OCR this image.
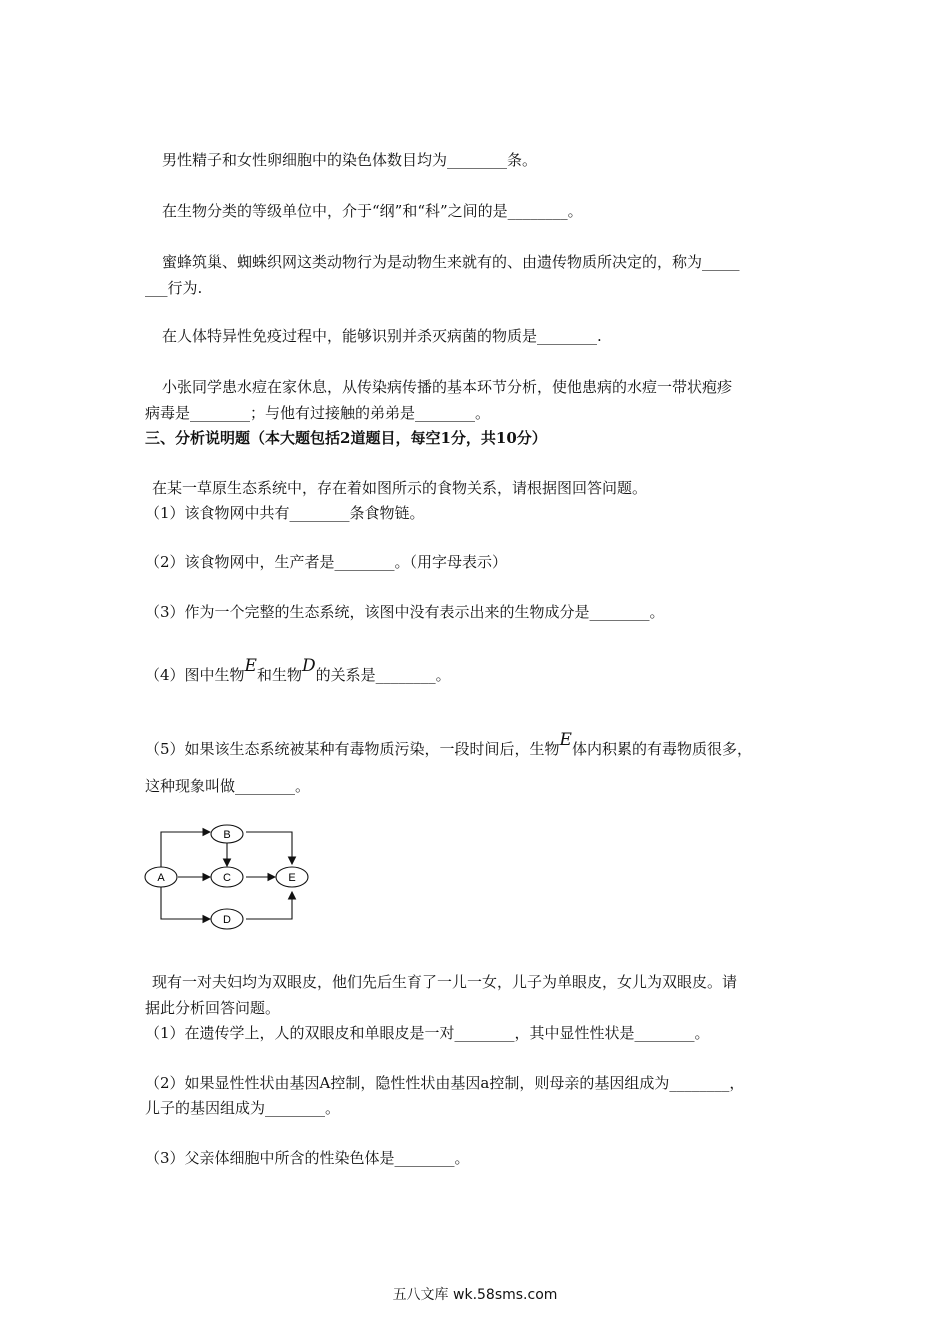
男性精子和女性卵细胞中的染色体数目均为________条。
在生物分类的等级单位中，介于“纲”和“科”之间的是________。
蜜蜂筑巢、蜘蛛织网这类动物行为是动物生来就有的、由遗传物质所决定的，称为_____
___行为.
在人体特异性免疫过程中，能够识别并杀灭病菌的物质是________.
小张同学患水痘在家休息，从传染病传播的基本环节分析，使他患病的水痘一带状疱疹
病毒是________；与他有过接触的弟弟是________。
三、分析说明题（本大题包括2道题目，每空1分，共10分）
在某一草原生态系统中，存在着如图所示的食物关系，请根据图回答问题。
（1）该食物网中共有________条食物链。
（2）该食物网中，生产者是________。（用字母表示）
（3）作为一个完整的生态系统，该图中没有表示出来的生物成分是________。
（4）图中生物E和生物D的关系是________。
（5）如果该生态系统被某种有毒物质污染，一段时间后，生物E体内积累的有毒物质很多，
这种现象叫做________。
A
B
C
D
E
现有一对夫妇均为双眼皮，他们先后生育了一儿一女，儿子为单眼皮，女儿为双眼皮。请
据此分析回答问题。
（1）在遗传学上，人的双眼皮和单眼皮是一对________，其中显性性状是________。
（2）如果显性性状由基因A控制，隐性性状由基因a控制，则母亲的基因组成为________，
儿子的基因组成为________。
（3）父亲体细胞中所含的性染色体是________。
五八文库 wk.58sms.com
